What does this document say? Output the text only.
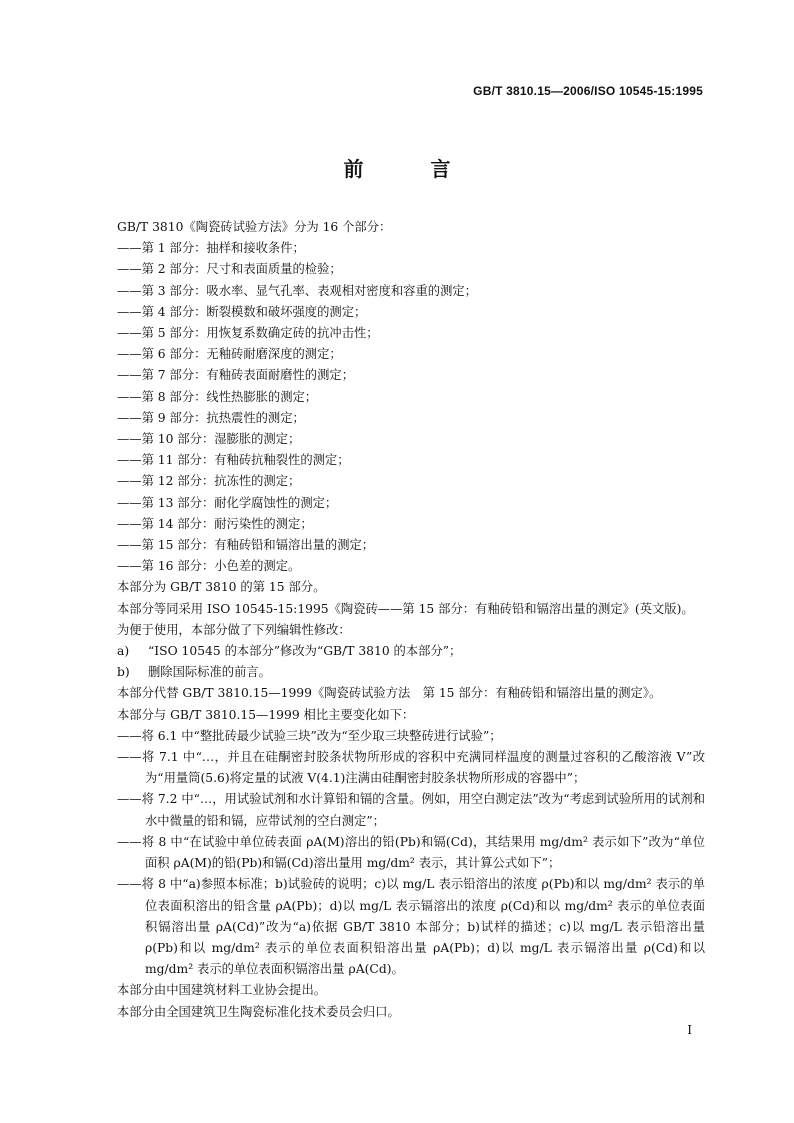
GB/T 3810.15—2006/ISO 10545-15:1995
前 言

GB/T 3810《陶瓷砖试验方法》分为 16 个部分：

——第 1 部分：抽样和接收条件；

——第 2 部分：尺寸和表面质量的检验；

——第 3 部分：吸水率、显气孔率、表观相对密度和容重的测定；

——第 4 部分：断裂模数和破坏强度的测定；

——第 5 部分：用恢复系数确定砖的抗冲击性；

——第 6 部分：无釉砖耐磨深度的测定；

——第 7 部分：有釉砖表面耐磨性的测定；

——第 8 部分：线性热膨胀的测定；

——第 9 部分：抗热震性的测定；

——第 10 部分：湿膨胀的测定；

——第 11 部分：有釉砖抗釉裂性的测定；

——第 12 部分：抗冻性的测定；

——第 13 部分：耐化学腐蚀性的测定；

——第 14 部分：耐污染性的测定；

——第 15 部分：有釉砖铅和镉溶出量的测定；

——第 16 部分：小色差的测定。

本部分为 GB/T 3810 的第 15 部分。

本部分等同采用 ISO 10545-15:1995《陶瓷砖——第 15 部分：有釉砖铅和镉溶出量的测定》(英文版)。

为便于使用，本部分做了下列编辑性修改：

a)	“ISO 10545 的本部分”修改为“GB/T 3810 的本部分”；

b)	删除国际标准的前言。

本部分代替 GB/T 3810.15—1999《陶瓷砖试验方法　第 15 部分：有釉砖铅和镉溶出量的测定》。

本部分与 GB/T 3810.15—1999 相比主要变化如下：

——将 6.1 中“整批砖最少试验三块”改为“至少取三块整砖进行试验”；

——将 7.1 中“…，并且在硅酮密封胶条状物所形成的容积中充满同样温度的测量过容积的乙酸溶液 V”改为“用量筒(5.6)将定量的试液 V(4.1)注满由硅酮密封胶条状物所形成的容器中”；

——将 7.2 中“…，用试验试剂和水计算铅和镉的含量。例如，用空白测定法”改为“考虑到试验所用的试剂和水中微量的铅和镉，应带试剂的空白测定”；

——将 8 中“在试验中单位砖表面 ρA(M)溶出的铅(Pb)和镉(Cd)，其结果用 mg/dm² 表示如下”改为“单位面积 ρA(M)的铅(Pb)和镉(Cd)溶出量用 mg/dm² 表示，其计算公式如下”；

——将 8 中“a)参照本标准；b)试验砖的说明；c)以 mg/L 表示铅溶出的浓度 ρ(Pb)和以 mg/dm² 表示的单位表面积溶出的铅含量 ρA(Pb)；d)以 mg/L 表示镉溶出的浓度 ρ(Cd)和以 mg/dm² 表示的单位表面积镉溶出量 ρA(Cd)”改为“a)依据 GB/T 3810 本部分；b)试样的描述；c)以 mg/L 表示铅溶出量 ρ(Pb)和以 mg/dm² 表示的单位表面积铅溶出量 ρA(Pb)；d)以 mg/L 表示镉溶出量 ρ(Cd)和以 mg/dm² 表示的单位表面积镉溶出量 ρA(Cd)。

本部分由中国建筑材料工业协会提出。

本部分由全国建筑卫生陶瓷标准化技术委员会归口。

I
